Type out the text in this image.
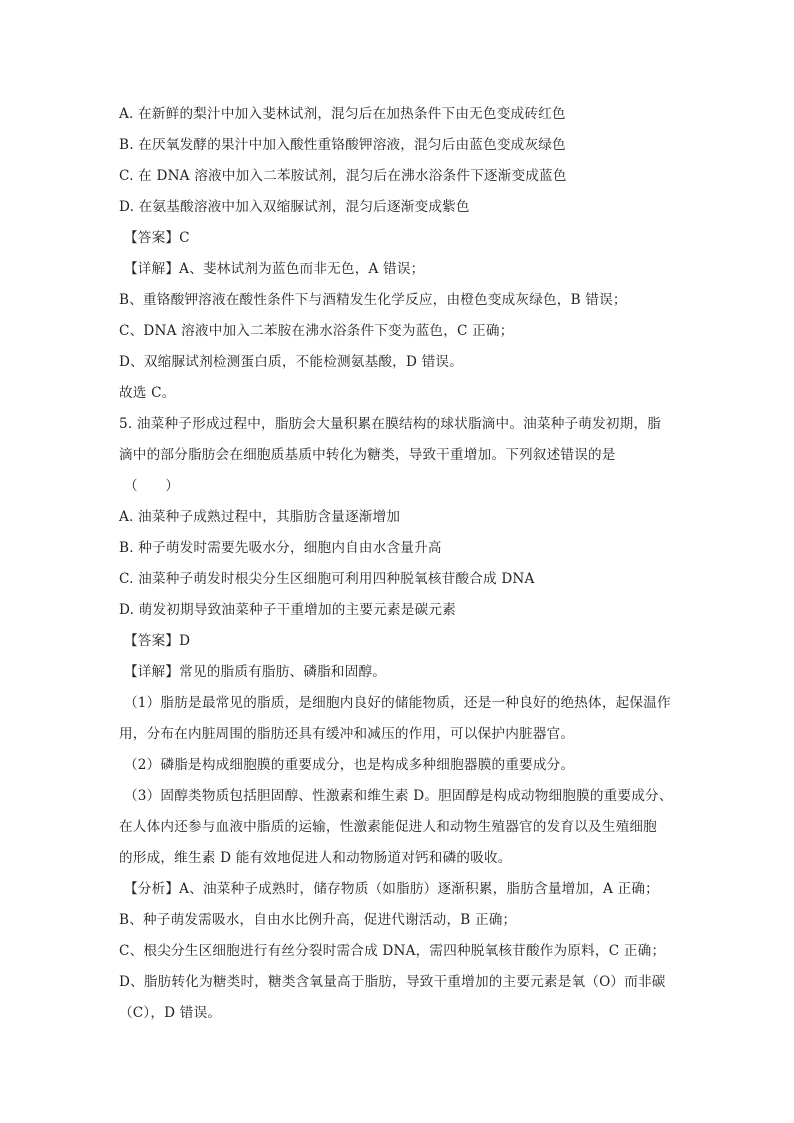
A. 在新鲜的梨汁中加入斐林试剂，混匀后在加热条件下由无色变成砖红色
B. 在厌氧发酵的果汁中加入酸性重铬酸钾溶液，混匀后由蓝色变成灰绿色
C. 在 DNA 溶液中加入二苯胺试剂，混匀后在沸水浴条件下逐渐变成蓝色
D. 在氨基酸溶液中加入双缩脲试剂，混匀后逐渐变成紫色
【答案】C
【详解】A、斐林试剂为蓝色而非无色，A 错误；
B、重铬酸钾溶液在酸性条件下与酒精发生化学反应，由橙色变成灰绿色，B 错误；
C、DNA 溶液中加入二苯胺在沸水浴条件下变为蓝色，C 正确；
D、双缩脲试剂检测蛋白质，不能检测氨基酸，D 错误。
故选 C。
5. 油菜种子形成过程中，脂肪会大量积累在膜结构的球状脂滴中。油菜种子萌发初期，脂
滴中的部分脂肪会在细胞质基质中转化为糖类，导致干重增加。下列叙述错误的是
（　　）
A. 油菜种子成熟过程中，其脂肪含量逐渐增加
B. 种子萌发时需要先吸水分，细胞内自由水含量升高
C. 油菜种子萌发时根尖分生区细胞可利用四种脱氧核苷酸合成 DNA
D. 萌发初期导致油菜种子干重增加的主要元素是碳元素
【答案】D
【详解】常见的脂质有脂肪、磷脂和固醇。
（1）脂肪是最常见的脂质，是细胞内良好的储能物质，还是一种良好的绝热体，起保温作
用，分布在内脏周围的脂肪还具有缓冲和减压的作用，可以保护内脏器官。
（2）磷脂是构成细胞膜的重要成分，也是构成多种细胞器膜的重要成分。
（3）固醇类物质包括胆固醇、性激素和维生素 D。胆固醇是构成动物细胞膜的重要成分、
在人体内还参与血液中脂质的运输，性激素能促进人和动物生殖器官的发育以及生殖细胞
的形成，维生素 D 能有效地促进人和动物肠道对钙和磷的吸收。
【分析】A、油菜种子成熟时，储存物质（如脂肪）逐渐积累，脂肪含量增加，A 正确；
B、种子萌发需吸水，自由水比例升高，促进代谢活动，B 正确；
C、根尖分生区细胞进行有丝分裂时需合成 DNA，需四种脱氧核苷酸作为原料，C 正确；
D、脂肪转化为糖类时，糖类含氧量高于脂肪，导致干重增加的主要元素是氧（O）而非碳
（C），D 错误。
